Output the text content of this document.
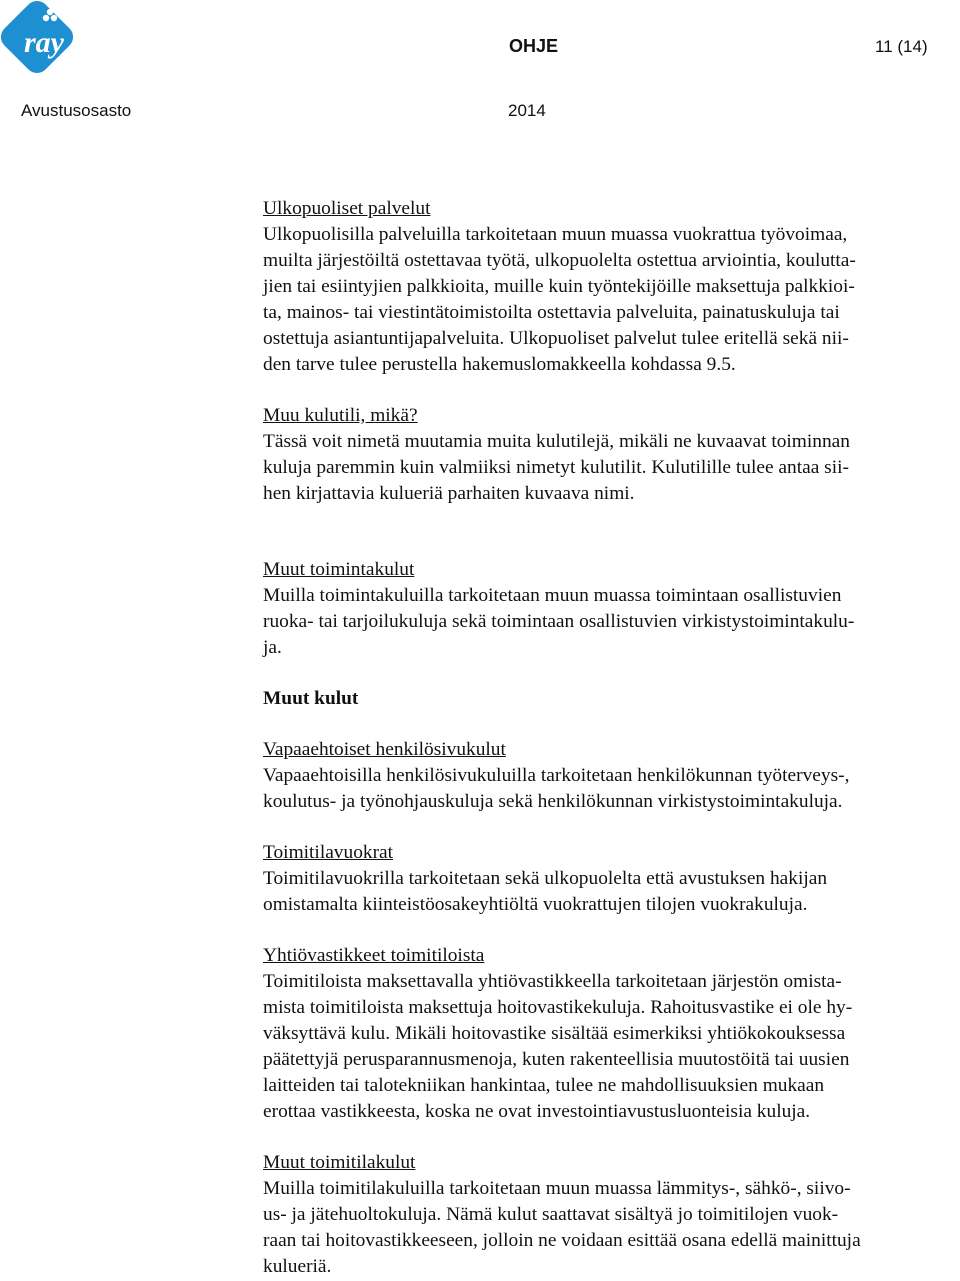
ray	OHJE	11 (14)
Avustusosasto	2014
Ulkopuoliset palvelut

Ulkopuolisilla palveluilla tarkoitetaan muun muassa vuokrattua työvoimaa,
muilta järjestöiltä ostettavaa työtä, ulkopuolelta ostettua arviointia, koulutta-
jien tai esiintyjien palkkioita, muille kuin työntekijöille maksettuja palkkioi-
ta, mainos- tai viestintätoimistoilta ostettavia palveluita, painatuskuluja tai
ostettuja asiantuntijapalveluita. Ulkopuoliset palvelut tulee eritellä sekä nii-
den tarve tulee perustella hakemuslomakkeella kohdassa 9.5.

Muu kulutili, mikä?

Tässä voit nimetä muutamia muita kulutilejä, mikäli ne kuvaavat toiminnan
kuluja paremmin kuin valmiiksi nimetyt kulutilit. Kulutilille tulee antaa sii-
hen kirjattavia kulueriä parhaiten kuvaava nimi.

Muut toimintakulut

Muilla toimintakuluilla tarkoitetaan muun muassa toimintaan osallistuvien
ruoka- tai tarjoilukuluja sekä toimintaan osallistuvien virkistystoimintakulu-
ja.

Muut kulut
Vapaaehtoiset henkilösivukulut

Vapaaehtoisilla henkilösivukuluilla tarkoitetaan henkilökunnan työterveys-,
koulutus- ja työnohjauskuluja sekä henkilökunnan virkistystoimintakuluja.

Toimitilavuokrat

Toimitilavuokrilla tarkoitetaan sekä ulkopuolelta että avustuksen hakijan
omistamalta kiinteistöosakeyhtiöltä vuokrattujen tilojen vuokrakuluja.

Yhtiövastikkeet toimitiloista

Toimitiloista maksettavalla yhtiövastikkeella tarkoitetaan järjestön omista-
mista toimitiloista maksettuja hoitovastikekuluja. Rahoitusvastike ei ole hy-
väksyttävä kulu. Mikäli hoitovastike sisältää esimerkiksi yhtiökokouksessa
päätettyjä perusparannusmenoja, kuten rakenteellisia muutostöitä tai uusien
laitteiden tai talotekniikan hankintaa, tulee ne mahdollisuuksien mukaan
erottaa vastikkeesta, koska ne ovat investointiavustusluonteisia kuluja.

Muut toimitilakulut

Muilla toimitilakuluilla tarkoitetaan muun muassa lämmitys-, sähkö-, siivo-
us- ja jätehuoltokuluja. Nämä kulut saattavat sisältyä jo toimitilojen vuok-
raan tai hoitovastikkeeseen, jolloin ne voidaan esittää osana edellä mainittuja
kulueriä.
